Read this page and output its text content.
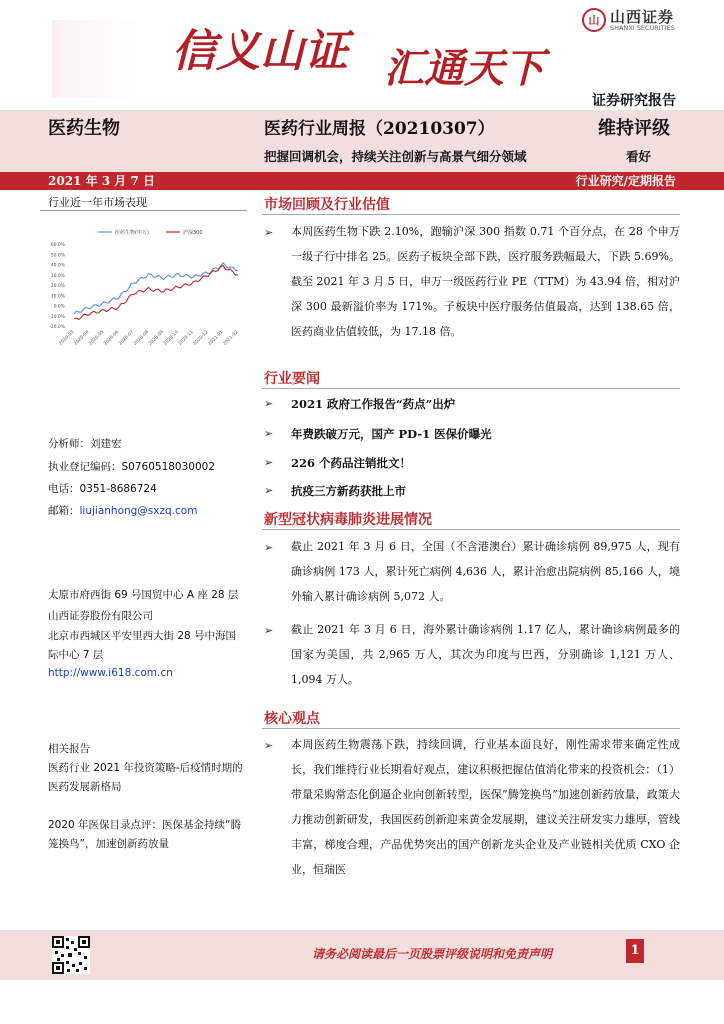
信义山证 汇通天下
山 山西证券
SHANXI SECURITIES
证券研究报告
医药生物	医药行业周报（20210307）	维持评级
把握回调机会，持续关注创新与高景气细分领域	看好
2021 年 3 月 7 日	行业研究/定期报告
行业近一年市场表现
60.0%
50.0%
40.0%
30.0%
20.0%
10.0%
0.0%
-10.0%
-20.0%
2020-03
2020-04
2020-05
2020-06
2020-07
2020-08
2020-09
2020-10
2020-11
2020-12
2021-01
2021-02
医药生物(申万)	沪深300
分析师：刘建宏
执业登记编码：S0760518030002
电话：0351-8686724
邮箱：liujianhong@sxzq.com
太原市府西街 69 号国贸中心 A 座 28 层
山西证券股份有限公司
北京市西城区平安里西大街 28 号中海国
际中心 7 层
http://www.i618.com.cn
相关报告
医药行业 2021 年投资策略-后疫情时期的医药发展新格局
2020 年医保目录点评：医保基金持续“腾笼换鸟”，加速创新药放量
市场回顾及行业估值
➢ 本周医药生物下跌 2.10%，跑输沪深 300 指数 0.71 个百分点，在 28 个申万一级子行中排名 25。医药子板块全部下跌，医疗服务跌幅最大，下跌 5.69%。截至 2021 年 3 月 5 日，申万一级医药行业 PE（TTM）为 43.94 倍，相对沪深 300 最新溢价率为 171%。子板块中医疗服务估值最高，达到 138.65 倍，医药商业估值较低，为 17.18 倍。
行业要闻
➢ 2021 政府工作报告“药点”出炉
➢ 年费跌破万元，国产 PD-1 医保价曝光
➢ 226 个药品注销批文！
➢ 抗疫三方新药获批上市
新型冠状病毒肺炎进展情况
➢ 截止 2021 年 3 月 6 日，全国（不含港澳台）累计确诊病例 89,975 人，现有确诊病例 173 人，累计死亡病例 4,636 人，累计治愈出院病例 85,166 人，境外输入累计确诊病例 5,072 人。
➢ 截止 2021 年 3 月 6 日，海外累计确诊病例 1.17 亿人，累计确诊病例最多的国家为美国，共 2,965 万人，其次为印度与巴西，分别确诊 1,121 万人、1,094 万人。
核心观点
➢ 本周医药生物震荡下跌，持续回调，行业基本面良好，刚性需求带来确定性成长，我们维持行业长期看好观点，建议积极把握估值消化带来的投资机会：（1）带量采购常态化倒逼企业向创新转型，医保“腾笼换鸟”加速创新药放量，政策大力推动创新研发，我国医药创新迎来黄金发展期，建议关注研发实力雄厚，管线丰富，梯度合理，产品优势突出的国产创新龙头企业及产业链相关优质 CXO 企业，恒瑞医
请务必阅读最后一页股票评级说明和免责声明	1
